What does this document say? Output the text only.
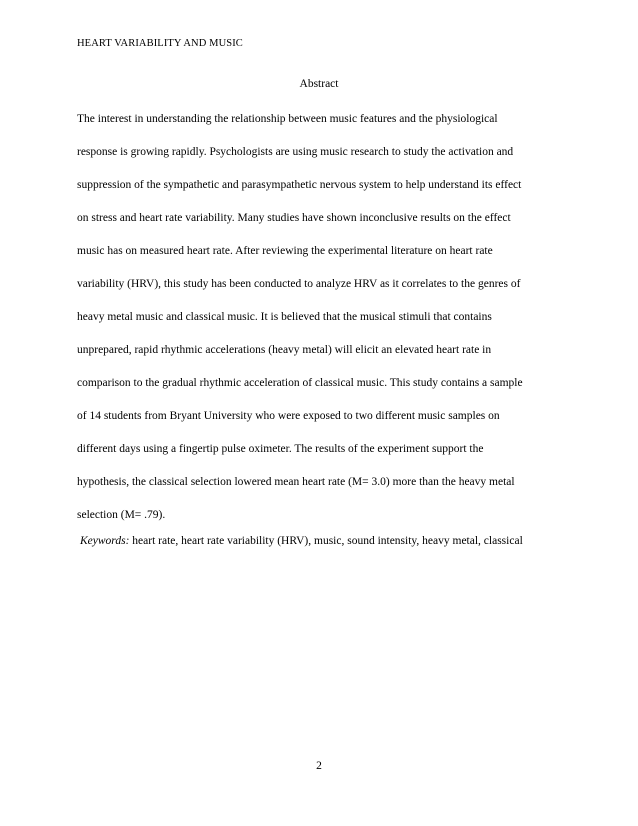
HEART VARIABILITY AND MUSIC
Abstract
The interest in understanding the relationship between music features and the physiological
response is growing rapidly. Psychologists are using music research to study the activation and
suppression of the sympathetic and parasympathetic nervous system to help understand its effect
on stress and heart rate variability. Many studies have shown inconclusive results on the effect
music has on measured heart rate. After reviewing the experimental literature on heart rate
variability (HRV), this study has been conducted to analyze HRV as it correlates to the genres of
heavy metal music and classical music. It is believed that the musical stimuli that contains
unprepared, rapid rhythmic accelerations (heavy metal) will elicit an elevated heart rate in
comparison to the gradual rhythmic acceleration of classical music. This study contains a sample
of 14 students from Bryant University who were exposed to two different music samples on
different days using a fingertip pulse oximeter. The results of the experiment support the
hypothesis, the classical selection lowered mean heart rate (M= 3.0) more than the heavy metal
selection (M= .79).
Keywords: heart rate, heart rate variability (HRV), music, sound intensity, heavy metal, classical
2
